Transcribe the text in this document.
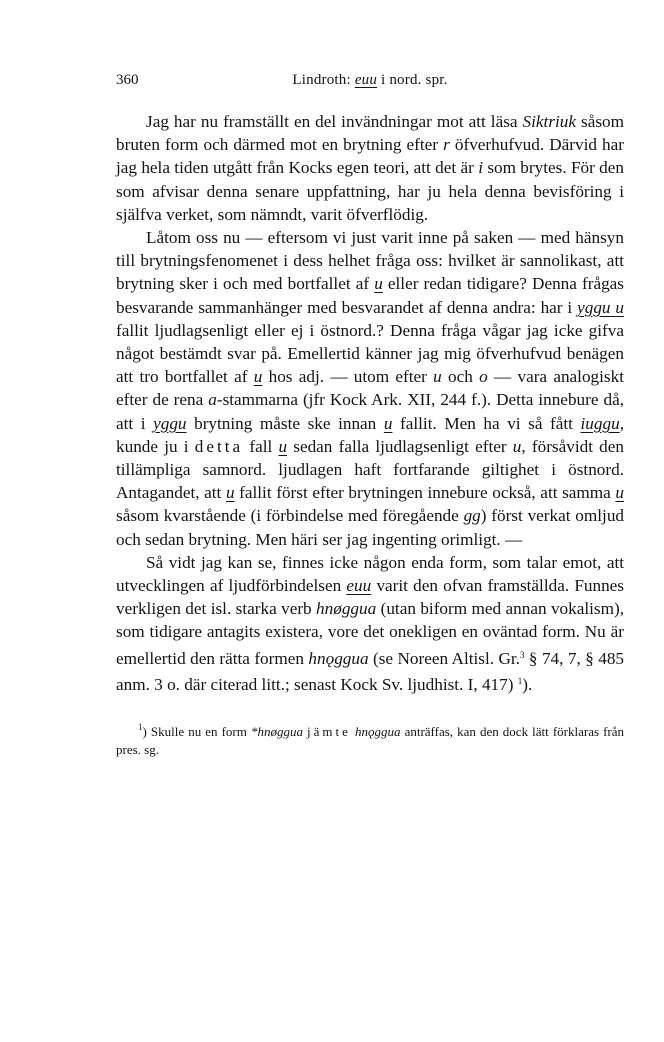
360	Lindroth: euu i nord. spr.

Jag har nu framställt en del invändningar mot att läsa Siktriuk såsom bruten form och därmed mot en brytning efter r öfverhufvud. Därvid har jag hela tiden utgått från Kocks egen teori, att det är i som brytes. För den som afvisar denna senare uppfattning, har ju hela denna bevisföring i själfva verket, som nämndt, varit öfverflödig.

Låtom oss nu — eftersom vi just varit inne på saken — med hänsyn till brytningsfenomenet i dess helhet fråga oss: hvilket är sannolikast, att brytning sker i och med bortfallet af u eller redan tidigare? Denna frågas besvarande sammanhänger med besvarandet af denna andra: har i yggu u fallit ljudlagsenligt eller ej i östnord.? Denna fråga vågar jag icke gifva något bestämdt svar på. Emellertid känner jag mig öfverhufvud benägen att tro bortfallet af u hos adj. — utom efter u och o — vara analogiskt efter de rena a-stammarna (jfr Kock Ark. XII, 244 f.). Detta innebure då, att i yggu brytning måste ske innan u fallit. Men ha vi så fått iuggu, kunde ju i detta fall u sedan falla ljudlagsenligt efter u, försåvidt den tillämpliga samnord. ljudlagen haft fortfarande giltighet i östnord. Antagandet, att u fallit först efter brytningen innebure också, att samma u såsom kvarstående (i förbindelse med föregående gg) först verkat omljud och sedan brytning. Men häri ser jag ingenting orimligt. —

Så vidt jag kan se, finnes icke någon enda form, som talar emot, att utvecklingen af ljudförbindelsen euu varit den ofvan framställda. Funnes verkligen det isl. starka verb hnøggua (utan biform med annan vokalism), som tidigare antagits existera, vore det onekligen en oväntad form. Nu är emellertid den rätta formen hnǫggua (se Noreen Altisl. Gr.$^3$ § 74, 7, § 485 anm. 3 o. där citerad litt.; senast Kock Sv. ljudhist. I, 417) $^1$).

$^1$) Skulle nu en form *hnøggua jämte hnǫggua anträffas, kan den dock lätt förklaras från pres. sg.
